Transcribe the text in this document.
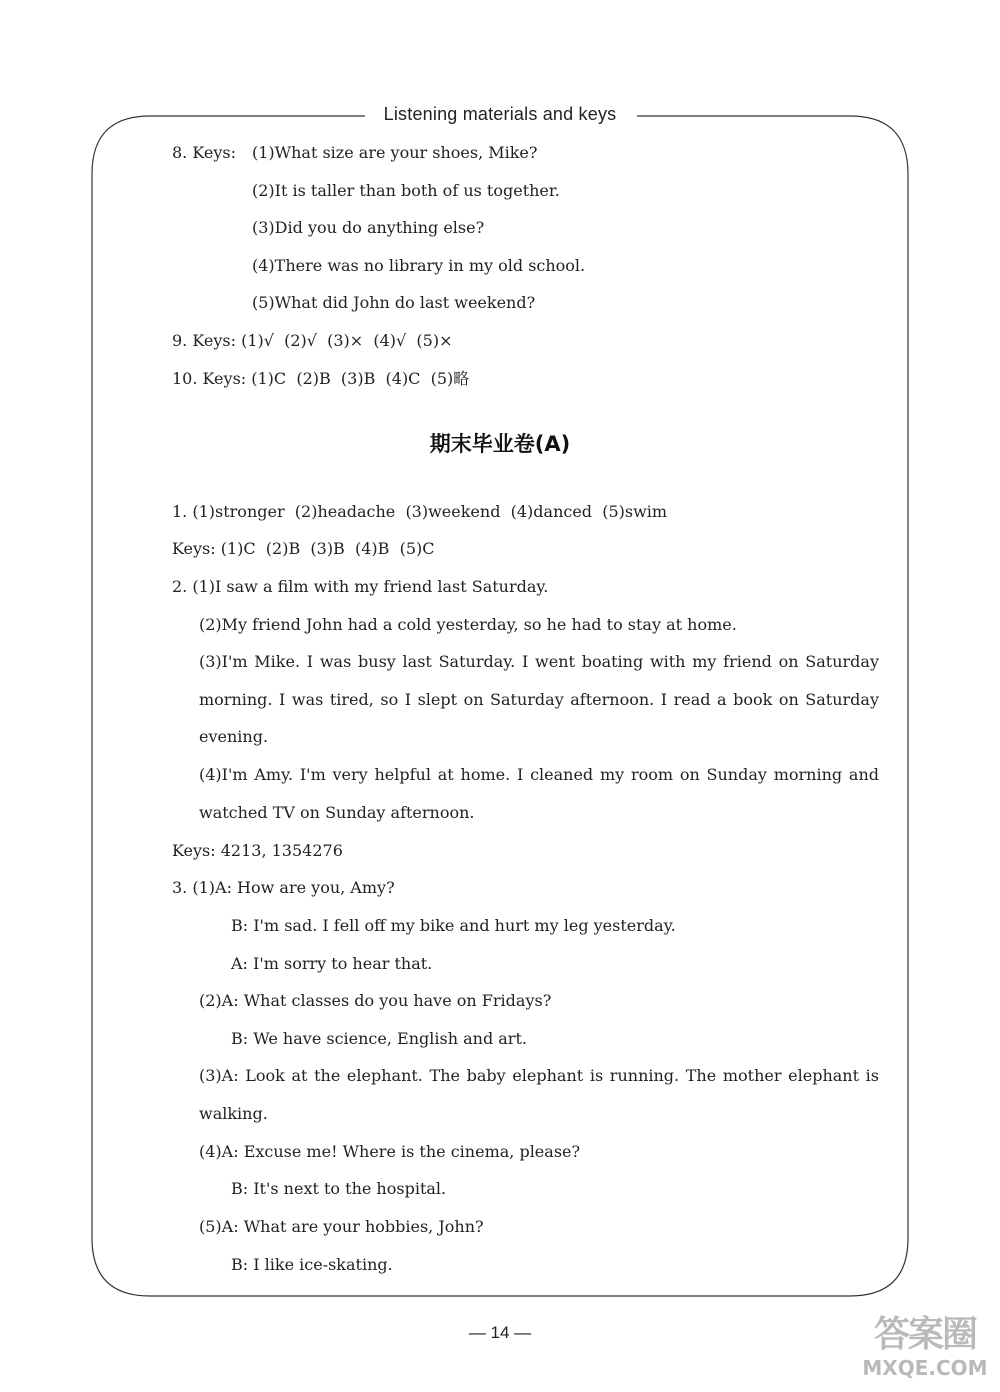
Listening materials and keys
8. Keys: (1)What size are your shoes, Mike?
(2)It is taller than both of us together.
(3)Did you do anything else?
(4)There was no library in my old school.
(5)What did John do last weekend?
9. Keys: (1)√  (2)√  (3)×  (4)√  (5)×
10. Keys: (1)C  (2)B  (3)B  (4)C  (5)略
期末毕业卷(A)
1. (1)stronger  (2)headache  (3)weekend  (4)danced  (5)swim
Keys: (1)C  (2)B  (3)B  (4)B  (5)C
2. (1)I saw a film with my friend last Saturday.
(2)My friend John had a cold yesterday, so he had to stay at home.
(3)I'm Mike. I was busy last Saturday. I went boating with my friend on Saturday morning. I was tired, so I slept on Saturday afternoon. I read a book on Saturday evening.
(4)I'm Amy. I'm very helpful at home. I cleaned my room on Sunday morning and watched TV on Sunday afternoon.
Keys: 4213, 1354276
3. (1)A: How are you, Amy?
B: I'm sad. I fell off my bike and hurt my leg yesterday.
A: I'm sorry to hear that.
(2)A: What classes do you have on Fridays?
B: We have science, English and art.
(3)A: Look at the elephant. The baby elephant is running. The mother elephant is walking.
(4)A: Excuse me! Where is the cinema, please?
B: It's next to the hospital.
(5)A: What are your hobbies, John?
B: I like ice-skating.
— 14 —	答案圈
MXQE.COM
